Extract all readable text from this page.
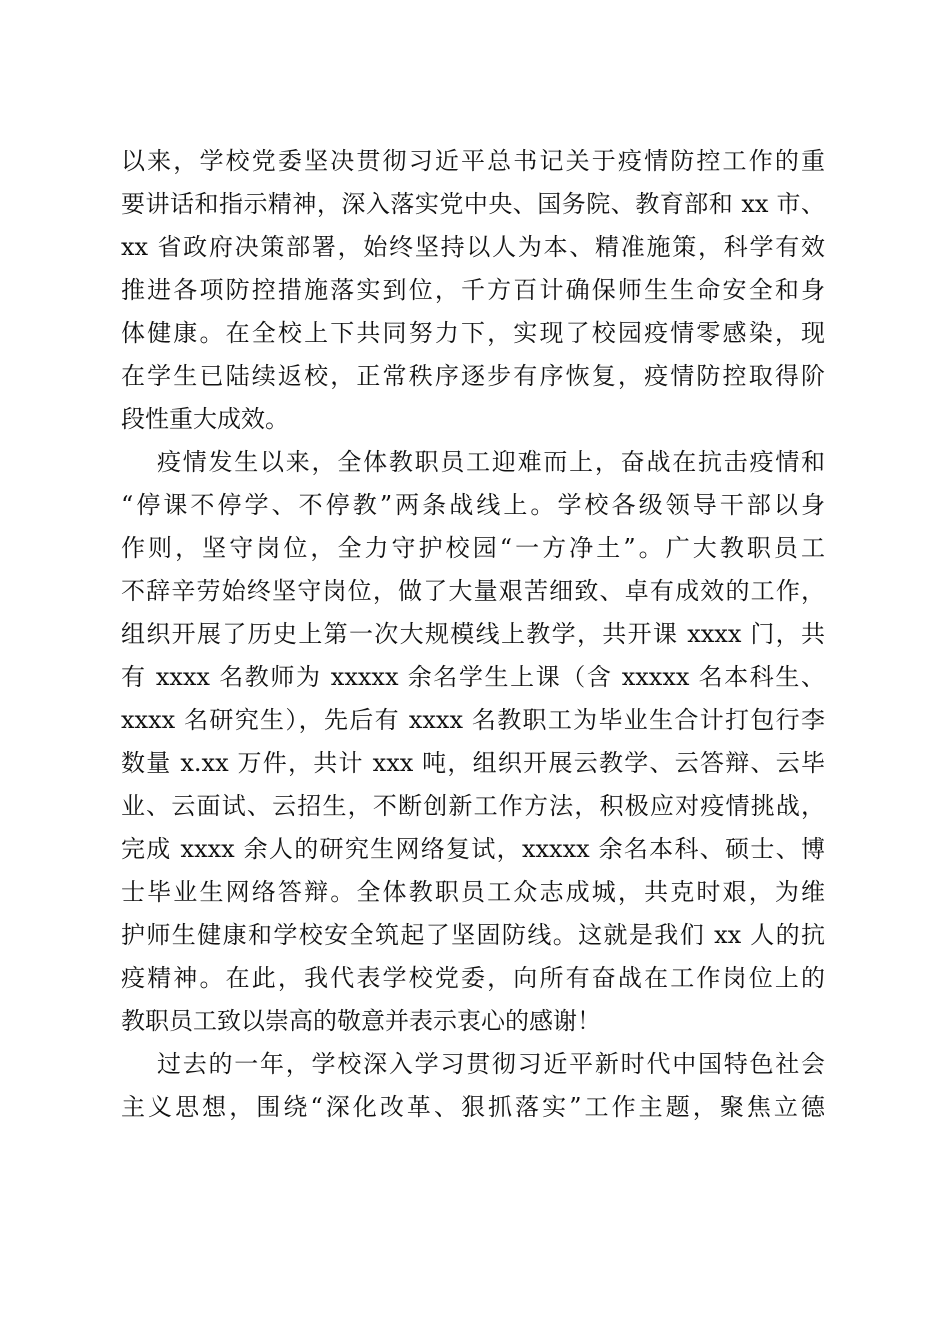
以来，学校党委坚决贯彻习近平总书记关于疫情防控工作的重
要讲话和指示精神，深入落实党中央、国务院、教育部和 xx 市、
xx 省政府决策部署，始终坚持以人为本、精准施策，科学有效
推进各项防控措施落实到位，千方百计确保师生生命安全和身
体健康。在全校上下共同努力下，实现了校园疫情零感染，现
在学生已陆续返校，正常秩序逐步有序恢复，疫情防控取得阶
段性重大成效。
疫情发生以来，全体教职员工迎难而上，奋战在抗击疫情和
“停课不停学、不停教”两条战线上。学校各级领导干部以身
作则，坚守岗位，全力守护校园“一方净土”。广大教职员工
不辞辛劳始终坚守岗位，做了大量艰苦细致、卓有成效的工作，
组织开展了历史上第一次大规模线上教学，共开课 xxxx 门，共
有 xxxx 名教师为 xxxxx 余名学生上课（含 xxxxx 名本科生、
xxxx 名研究生），先后有 xxxx 名教职工为毕业生合计打包行李
数量 x.xx 万件，共计 xxx 吨，组织开展云教学、云答辩、云毕
业、云面试、云招生，不断创新工作方法，积极应对疫情挑战，
完成 xxxx 余人的研究生网络复试，xxxxx 余名本科、硕士、博
士毕业生网络答辩。全体教职员工众志成城，共克时艰，为维
护师生健康和学校安全筑起了坚固防线。这就是我们 xx 人的抗
疫精神。在此，我代表学校党委，向所有奋战在工作岗位上的
教职员工致以崇高的敬意并表示衷心的感谢！
过去的一年，学校深入学习贯彻习近平新时代中国特色社会
主义思想，围绕“深化改革、狠抓落实”工作主题，聚焦立德
